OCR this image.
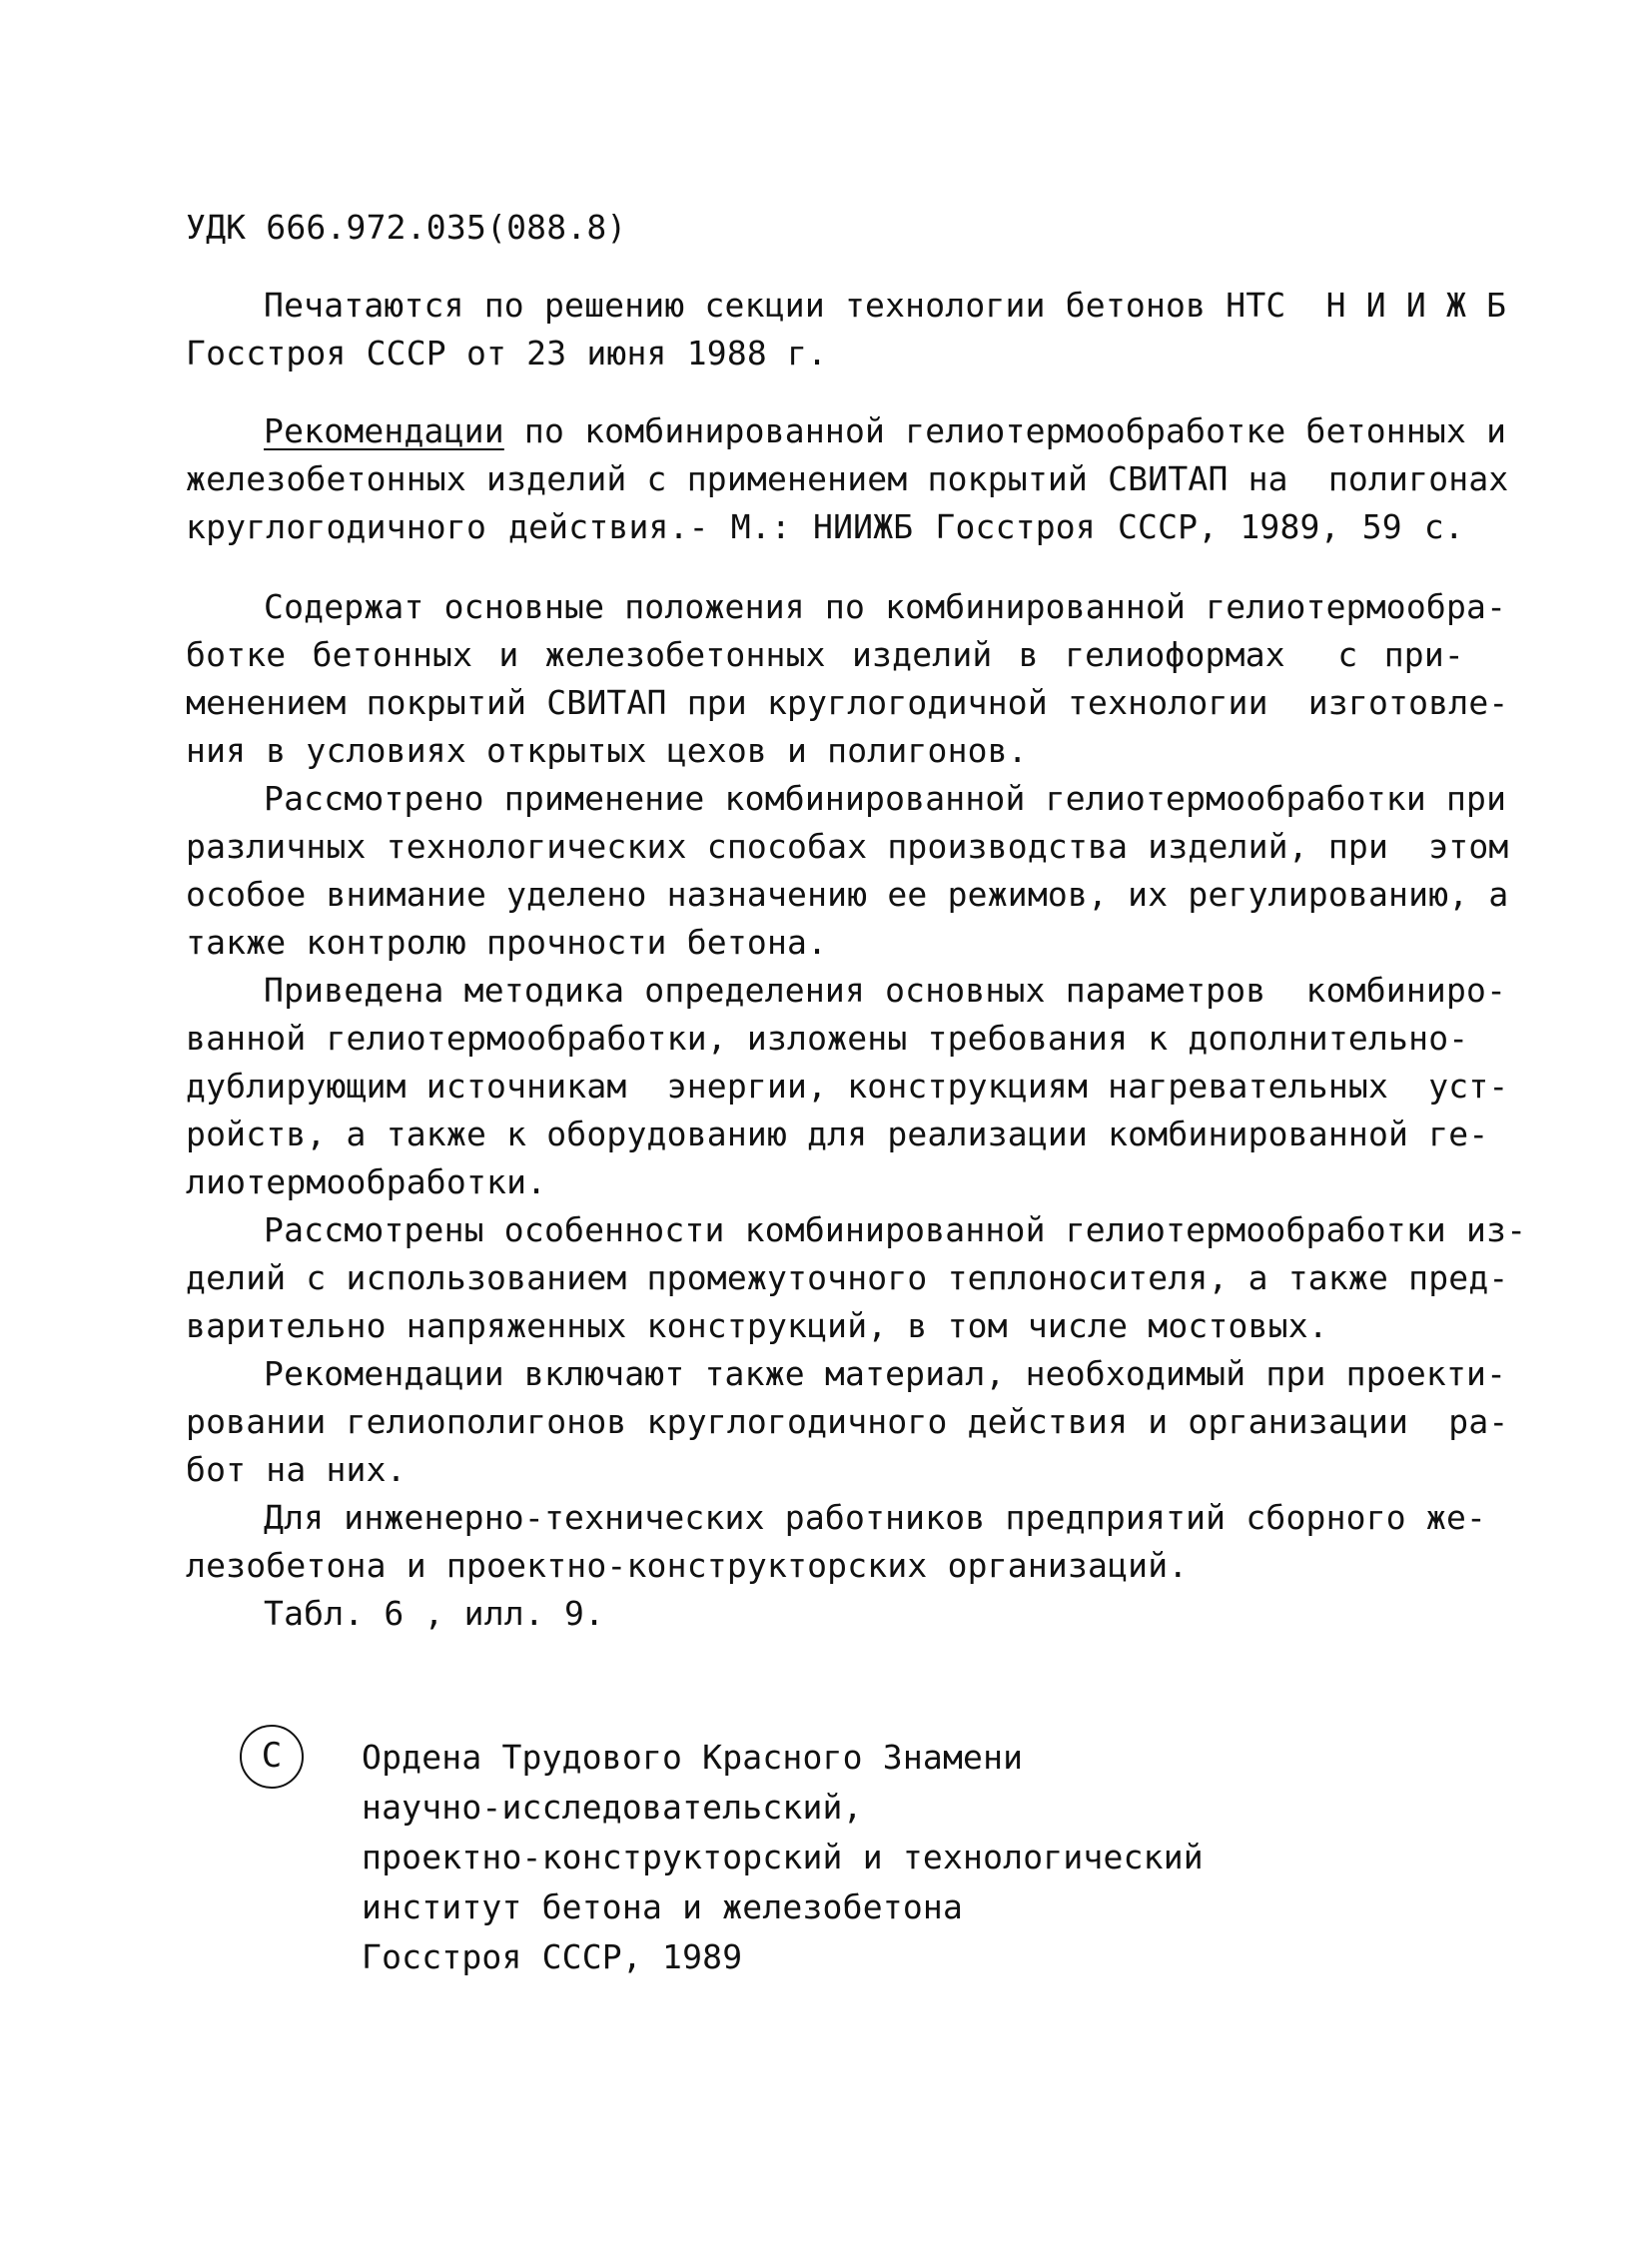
УДК 666.972.035(088.8)
Печатаются по решению секции технологии бетонов НТС  Н И И Ж Б
Госстроя СССР от 23 июня 1988 г.
Рекомендации по комбинированной гелиотермообработке бетонных и
железобетонных изделий с применением покрытий СВИТАП на  полигонах
круглогодичного действия.- М.: НИИЖБ Госстроя СССР, 1989, 59 с.
Содержат основные положения по комбинированной гелиотермообра-
ботке бетонных и железобетонных изделий в гелиоформах  с при-
менением покрытий СВИТАП при круглогодичной технологии  изготовле-
ния в условиях открытых цехов и полигонов.
Рассмотрено применение комбинированной гелиотермообработки при
различных технологических способах производства изделий, при  этом
особое внимание уделено назначению ее режимов, их регулированию, а
также контролю прочности бетона.
Приведена методика определения основных параметров  комбиниро-
ванной гелиотермообработки, изложены требования к дополнительно-
дублирующим источникам  энергии, конструкциям нагревательных  уст-
ройств, а также к оборудованию для реализации комбинированной ге-
лиотермообработки.
Рассмотрены особенности комбинированной гелиотермообработки из-
делий с использованием промежуточного теплоносителя, а также пред-
варительно напряженных конструкций, в том числе мостовых.
Рекомендации включают также материал, необходимый при проекти-
ровании гелиополигонов круглогодичного действия и организации  ра-
бот на них.
Для инженерно-технических работников предприятий сборного же-
лезобетона и проектно-конструкторских организаций.
Табл. 6 , илл. 9.
С	Ордена Трудового Красного Знамени
научно-исследовательский,
проектно-конструкторский и технологический
институт бетона и железобетона
Госстроя СССР, 1989
